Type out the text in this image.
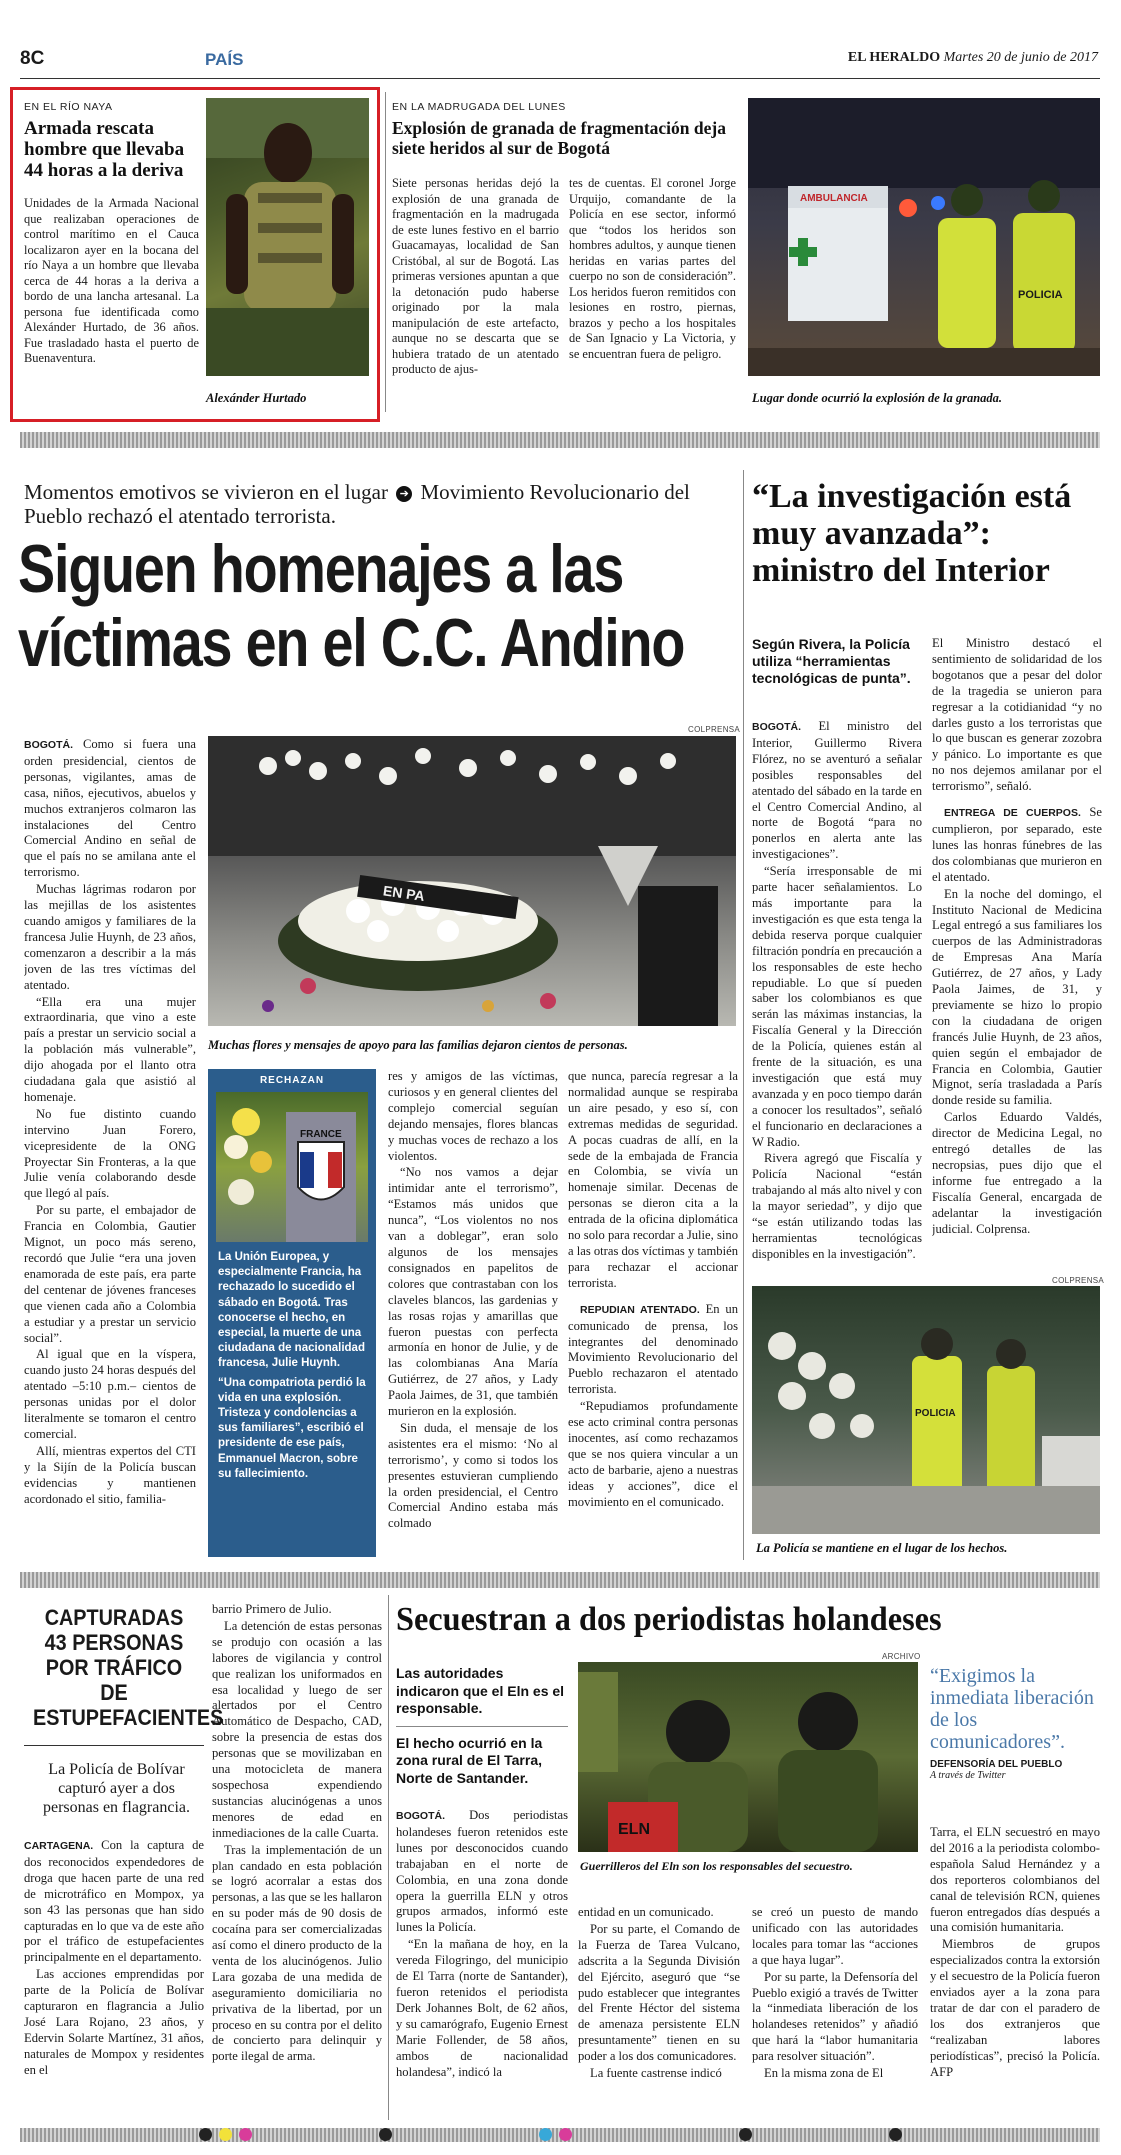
8C	PAÍS	EL HERALDO Martes 20 de junio de 2017
EN EL RÍO NAYA
Armada rescata hombre que llevaba 44 horas a la deriva
Unidades de la Armada Nacional que realizaban operaciones de control marítimo en el Cauca localizaron ayer en la bocana del río Naya a un hombre que llevaba cerca de 44 horas a la deriva a bordo de una lancha artesanal. La persona fue identificada como Alexánder Hurtado, de 36 años. Fue trasladado hasta el puerto de Buenaventura.
Alexánder Hurtado
EN LA MADRUGADA DEL LUNES
Explosión de granada de fragmentación deja siete heridos al sur de Bogotá
Siete personas heridas dejó la explosión de una granada de fragmentación en la madrugada de este lunes festivo en el barrio Guacamayas, localidad de San Cristóbal, al sur de Bogotá. Las primeras versiones apuntan a que la detonación pudo haberse originado por la mala manipulación de este artefacto, aunque no se descarta que se hubiera tratado de un atentado producto de ajus-
tes de cuentas. El coronel Jorge Urquijo, comandante de la Policía en ese sector, informó que “todos los heridos son hombres adultos, y aunque tienen heridas en varias partes del cuerpo no son de consideración”. Los heridos fueron remitidos con lesiones en rostro, piernas, brazos y pecho a los hospitales de San Ignacio y La Victoria, y se encuentran fuera de peligro.
AMBULANCIA
POLICIA
Lugar donde ocurrió la explosión de la granada.
Momentos emotivos se vivieron en el lugar ➔ Movimiento Revolucionario del Pueblo rechazó el atentado terrorista.
Siguen homenajes a las
víctimas en el C.C. Andino
COLPRENSA
EN PA
Muchas flores y mensajes de apoyo para las familias dejaron cientos de personas.

BOGOTÁ. Como si fuera una orden presidencial, cientos de personas, vigilantes, amas de casa, niños, ejecutivos, abuelos y muchos extranjeros colmaron las instalaciones del Centro Comercial Andino en señal de que el país no se amilana ante el terrorismo.

Muchas lágrimas rodaron por las mejillas de los asistentes cuando amigos y familiares de la francesa Julie Huynh, de 23 años, comenzaron a describir a la más joven de las tres víctimas del atentado.

“Ella era una mujer extraordinaria, que vino a este país a prestar un servicio social a la población más vulnerable”, dijo ahogada por el llanto otra ciudadana gala que asistió al homenaje.

No fue distinto cuando intervino Juan Forero, vicepresidente de la ONG Proyectar Sin Fronteras, a la que Julie venía colaborando desde que llegó al país.

Por su parte, el embajador de Francia en Colombia, Gautier Mignot, un poco más sereno, recordó que Julie “era una joven enamorada de este país, era parte del centenar de jóvenes franceses que vienen cada año a Colombia a estudiar y a prestar un servicio social”.

Al igual que en la víspera, cuando justo 24 horas después del atentado –5:10 p.m.– cientos de personas unidas por el dolor literalmente se tomaron el centro comercial.

Allí, mientras expertos del CTI y la Sijín de la Policía buscan evidencias y mantienen acordonado el sitio, familia-

RECHAZAN
FRANCE
La Unión Europea, y especialmente Francia, ha rechazado lo sucedido el sábado en Bogotá. Tras conocerse el hecho, en especial, la muerte de una ciudadana de nacionalidad francesa, Julie Huynh.
“Una compatriota perdió la vida en una explosión. Tristeza y condolencias a sus familiares”, escribió el presidente de ese país, Emmanuel Macron, sobre su fallecimiento.

res y amigos de las víctimas, curiosos y en general clientes del complejo comercial seguían dejando mensajes, flores blancas y muchas voces de rechazo a los violentos.

“No nos vamos a dejar intimidar ante el terrorismo”, “Estamos más unidos que nunca”, “Los violentos no nos van a doblegar”, eran solo algunos de los mensajes consignados en papelitos de colores que contrastaban con los claveles blancos, las gardenias y las rosas rojas y amarillas que fueron puestas con perfecta armonía en honor de Julie, y de las colombianas Ana María Gutiérrez, de 27 años, y Lady Paola Jaimes, de 31, que también murieron en la explosión.

Sin duda, el mensaje de los asistentes era el mismo: ‘No al terrorismo’, y como si todos los presentes estuvieran cumpliendo la orden presidencial, el Centro Comercial Andino estaba más colmado

que nunca, parecía regresar a la normalidad aunque se respiraba un aire pesado, y eso sí, con extremas medidas de seguridad. A pocas cuadras de allí, en la sede de la embajada de Francia en Colombia, se vivía un homenaje similar. Decenas de personas se dieron cita a la entrada de la oficina diplomática no solo para recordar a Julie, sino a las otras dos víctimas y también para rechazar el accionar terrorista.

REPUDIAN ATENTADO. En un comunicado de prensa, los integrantes del denominado Movimiento Revolucionario del Pueblo rechazaron el atentado terrorista.

“Repudiamos profundamente ese acto criminal contra personas inocentes, así como rechazamos que se nos quiera vincular a un acto de barbarie, ajeno a nuestras ideas y acciones”, dice el movimiento en el comunicado.

“La investigación está muy avanzada”: ministro del Interior
Según Rivera, la Policía utiliza “herramientas tecnológicas de punta”.

BOGOTÁ. El ministro del Interior, Guillermo Rivera Flórez, no se aventuró a señalar posibles responsables del atentado del sábado en la tarde en el Centro Comercial Andino, al norte de Bogotá “para no ponerlos en alerta ante las investigaciones”.

“Sería irresponsable de mi parte hacer señalamientos. Lo más importante para la investigación es que esta tenga la debida reserva porque cualquier filtración pondría en precaución a los responsables de este hecho repudiable. Lo que sí pueden saber los colombianos es que serán las máximas instancias, la Fiscalía General y la Dirección de la Policía, quienes están al frente de la situación, es una investigación que está muy avanzada y en poco tiempo darán a conocer los resultados”, señaló el funcionario en declaraciones a W Radio.

Rivera agregó que Fiscalía y Policía Nacional “están trabajando al más alto nivel y con la mayor seriedad”, y dijo que “se están utilizando todas las herramientas tecnológicas disponibles en la investigación”.

El Ministro destacó el sentimiento de solidaridad de los bogotanos que a pesar del dolor de la tragedia se unieron para regresar a la cotidianidad “y no darles gusto a los terroristas que lo que buscan es generar zozobra y pánico. Lo importante es que no nos dejemos amilanar por el terrorismo”, señaló.

ENTREGA DE CUERPOS. Se cumplieron, por separado, este lunes las honras fúnebres de las dos colombianas que murieron en el atentado.

En la noche del domingo, el Instituto Nacional de Medicina Legal entregó a sus familiares los cuerpos de las Administradoras de Empresas Ana María Gutiérrez, de 27 años, y Lady Paola Jaimes, de 31, y previamente se hizo lo propio con la ciudadana de origen francés Julie Huynh, de 23 años, quien según el embajador de Francia en Colombia, Gautier Mignot, sería trasladada a París donde reside su familia.

Carlos Eduardo Valdés, director de Medicina Legal, no entregó detalles de las necropsias, pues dijo que el informe fue entregado a la Fiscalía General, encargada de adelantar la investigación judicial. Colprensa.

COLPRENSA
POLICIA
La Policía se mantiene en el lugar de los hechos.
CAPTURADAS 43 PERSONAS POR TRÁFICO DE ESTUPEFACIENTES
La Policía de Bolívar capturó ayer a dos personas en flagrancia.

CARTAGENA. Con la captura de dos reconocidos expendedores de droga que hacen parte de una red de microtráfico en Mompox, ya son 43 las personas que han sido capturadas en lo que va de este año por el tráfico de estupefacientes principalmente en el departamento.

Las acciones emprendidas por parte de la Policía de Bolívar capturaron en flagrancia a Julio José Lara Rojano, 23 años, y Edervin Solarte Martínez, 31 años, naturales de Mompox y residentes en el

barrio Primero de Julio.

La detención de estas personas se produjo con ocasión a las labores de vigilancia y control que realizan los uniformados en esa localidad y luego de ser alertados por el Centro Automático de Despacho, CAD, sobre la presencia de estas dos personas que se movilizaban en una motocicleta de manera sospechosa expendiendo sustancias alucinógenas a unos menores de edad en inmediaciones de la calle Cuarta.

Tras la implementación de un plan candado en esta población se logró acorralar a estas dos personas, a las que se les hallaron en su poder más de 90 dosis de cocaína para ser comercializadas así como el dinero producto de la venta de los alucinógenos. Julio Lara gozaba de una medida de aseguramiento domiciliaria no privativa de la libertad, por un proceso en su contra por el delito de concierto para delinquir y porte ilegal de arma.

Secuestran a dos periodistas holandeses
Las autoridades indicaron que el Eln es el responsable.
El hecho ocurrió en la zona rural de El Tarra, Norte de Santander.

BOGOTÁ. Dos periodistas holandeses fueron retenidos este lunes por desconocidos cuando trabajaban en el norte de Colombia, en una zona donde opera la guerrilla ELN y otros grupos armados, informó este lunes la Policía.

“En la mañana de hoy, en la vereda Filogringo, del municipio de El Tarra (norte de Santander), fueron retenidos el periodista Derk Johannes Bolt, de 62 años, y su camarógrafo, Eugenio Ernest Marie Follender, de 58 años, ambos de nacionalidad holandesa”, indicó la

ARCHIVO
ELN
Guerrilleros del Eln son los responsables del secuestro.

entidad en un comunicado.

Por su parte, el Comando de la Fuerza de Tarea Vulcano, adscrita a la Segunda División del Ejército, aseguró que “se pudo establecer que integrantes del Frente Héctor del sistema de amenaza persistente ELN presuntamente” tienen en su poder a los dos comunicadores.

La fuente castrense indicó

se creó un puesto de mando unificado con las autoridades locales para tomar las “acciones a que haya lugar”.

Por su parte, la Defensoría del Pueblo exigió a través de Twitter la “inmediata liberación de los holandeses retenidos” y añadió que hará la “labor humanitaria para resolver situación”.

En la misma zona de El

“Exigimos la inmediata liberación de los comunicadores”.
DEFENSORÍA DEL PUEBLO
A través de Twitter

Tarra, el ELN secuestró en mayo del 2016 a la periodista colombo-española Salud Hernández y a dos reporteros colombianos del canal de televisión RCN, quienes fueron entregados días después a una comisión humanitaria.

Miembros de grupos especializados contra la extorsión y el secuestro de la Policía fueron enviados ayer a la zona para tratar de dar con el paradero de los dos extranjeros que “realizaban labores periodísticas”, precisó la Policía. AFP
